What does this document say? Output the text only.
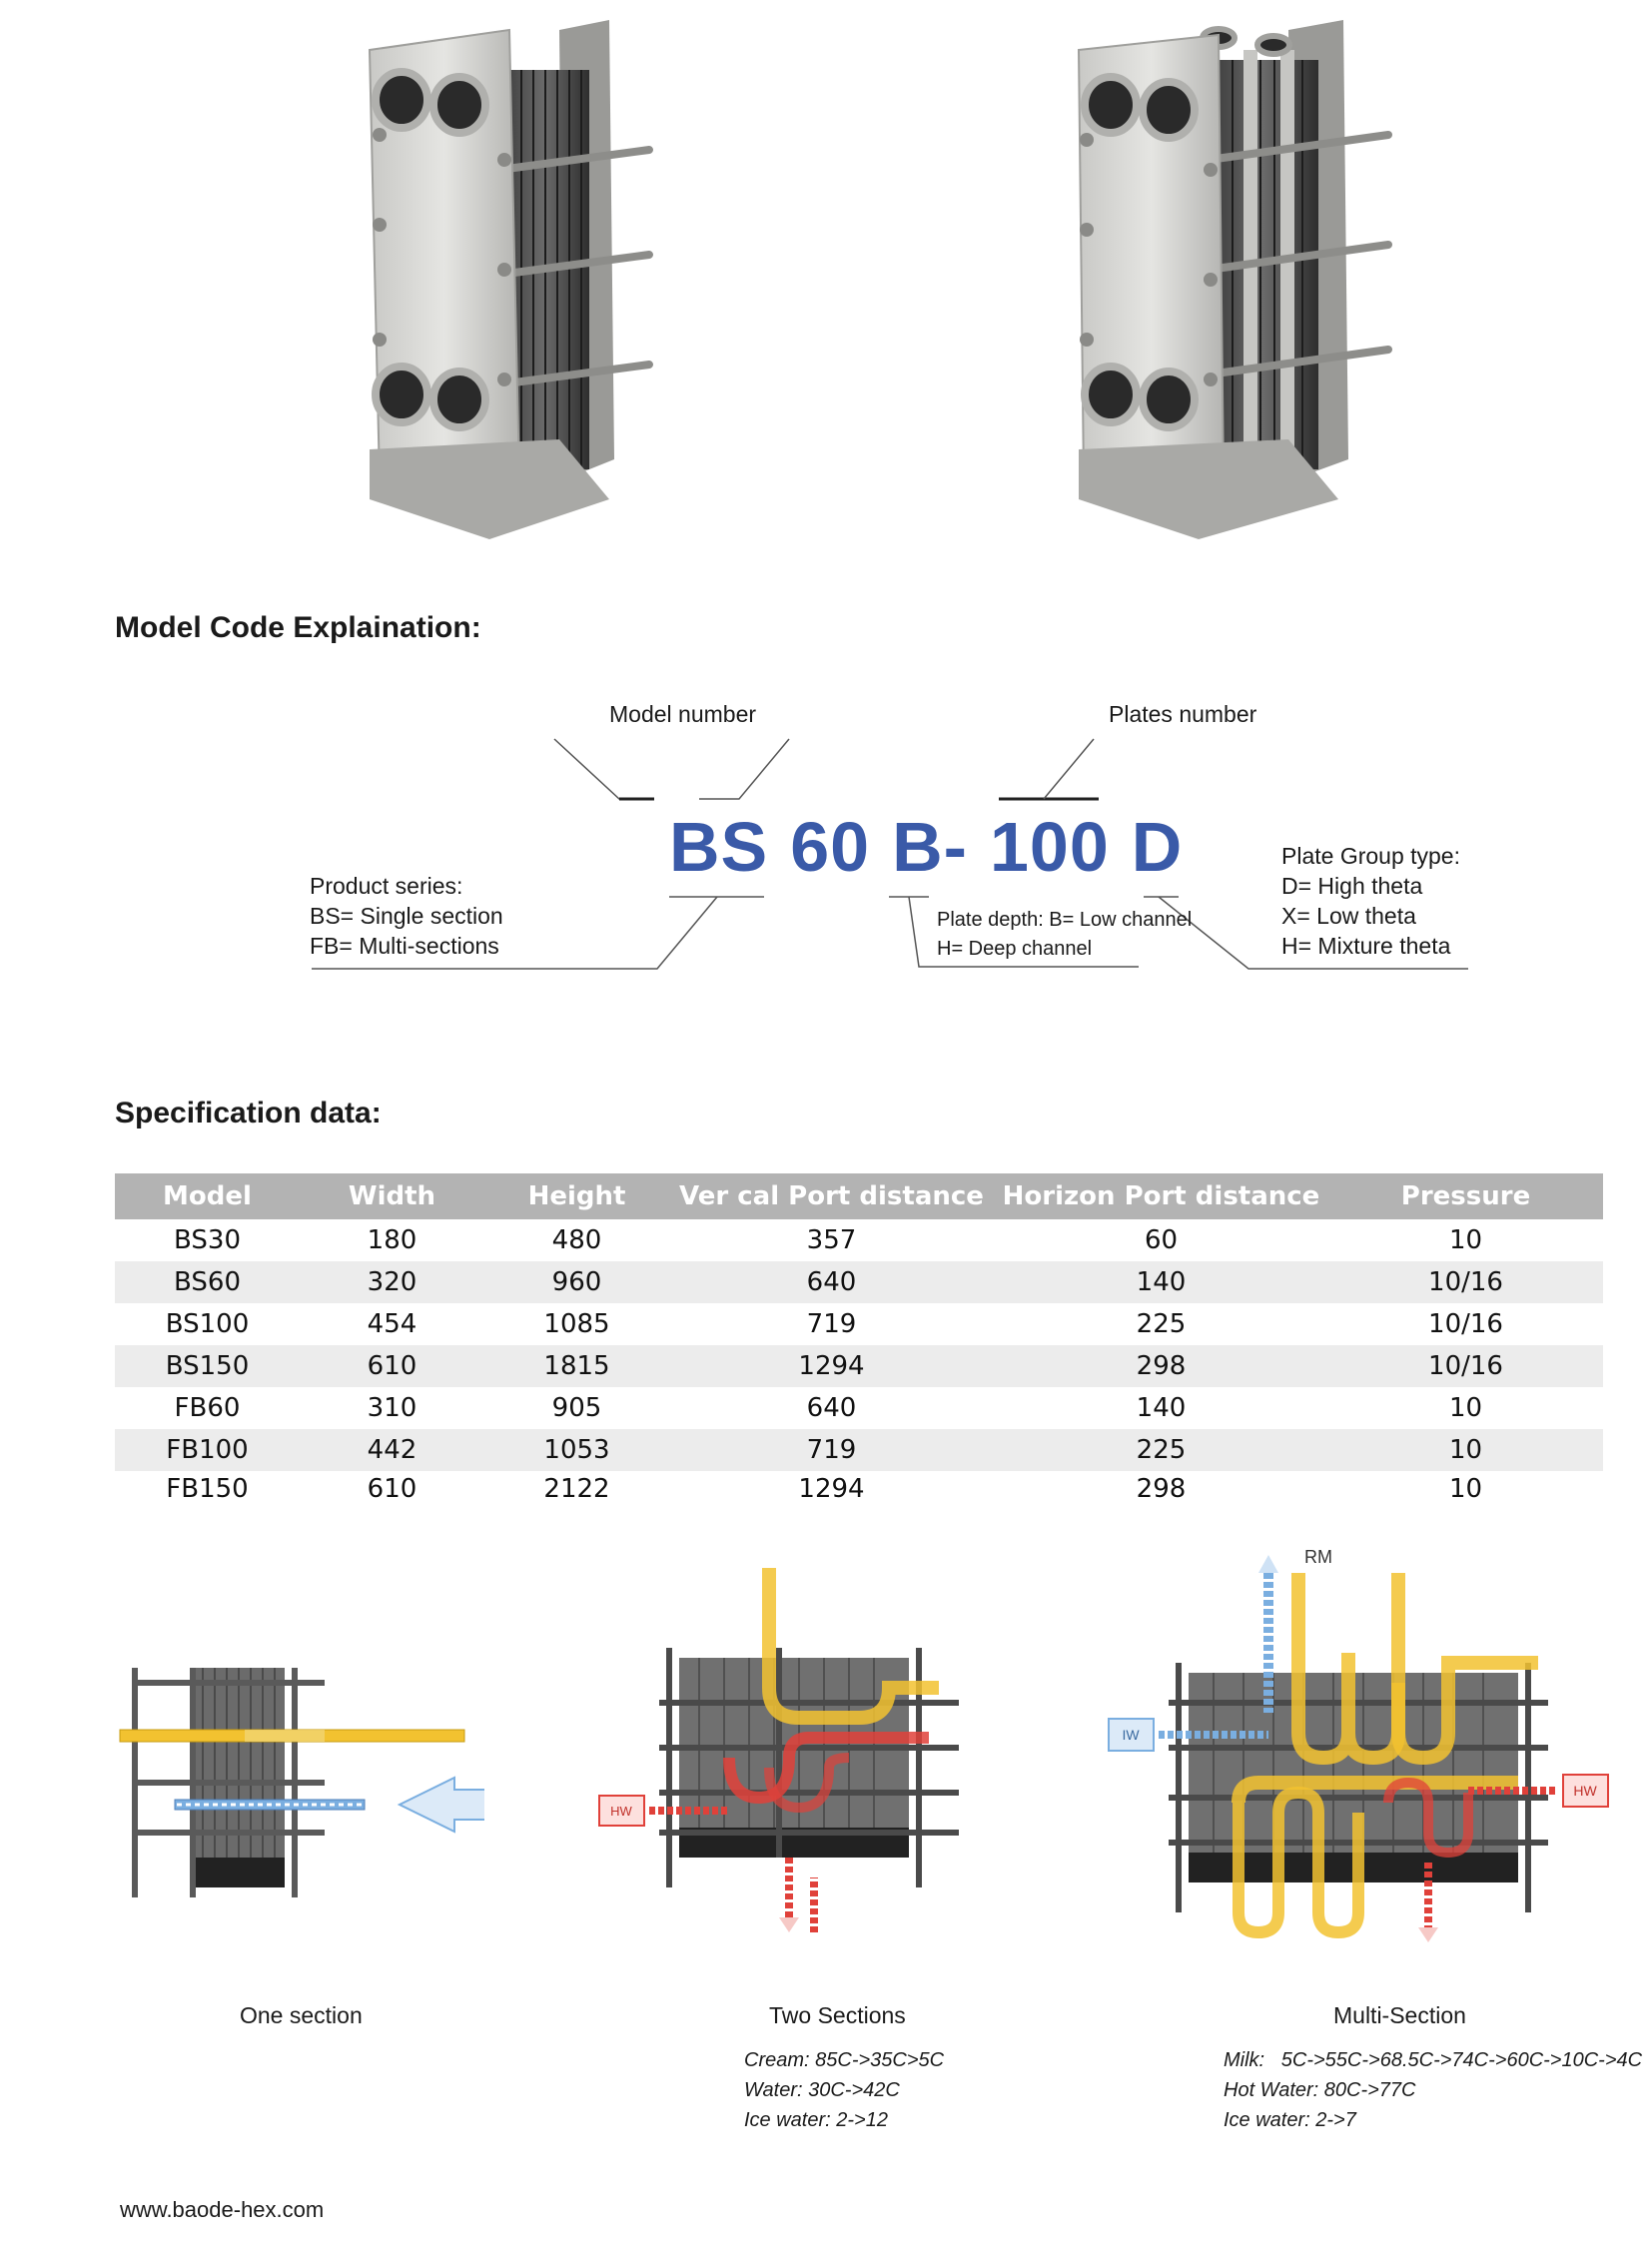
Model Code Explaination:
Model number	Plates number
BS 60 B- 100 D
Product series:
BS= Single section
FB= Multi-sections
Plate depth: B= Low channel
H= Deep channel
Plate Group type:
D= High theta
X= Low theta
H= Mixture theta
Specification data:
Model	Width	Height	Ver⁡ cal Port distance	Horizon Port distance	Pressure
BS30	180	480	357	60	10
BS60	320	960	640	140	10/16
BS100	454	1085	719	225	10/16
BS150	610	1815	1294	298	10/16
FB60	310	905	640	140	10
FB100	442	1053	719	225	10
FB150	610	2122	1294	298	10
HW
RM
IW
HW
One section	Two Sections	Multi-Section
Cream: 85C->35C>5C
Water: 30C->42C
Ice water: 2->12
Milk:   5C->55C->68.5C->74C->60C->10C->4C
Hot Water: 80C->77C
Ice water: 2->7
www.baode-hex.com
